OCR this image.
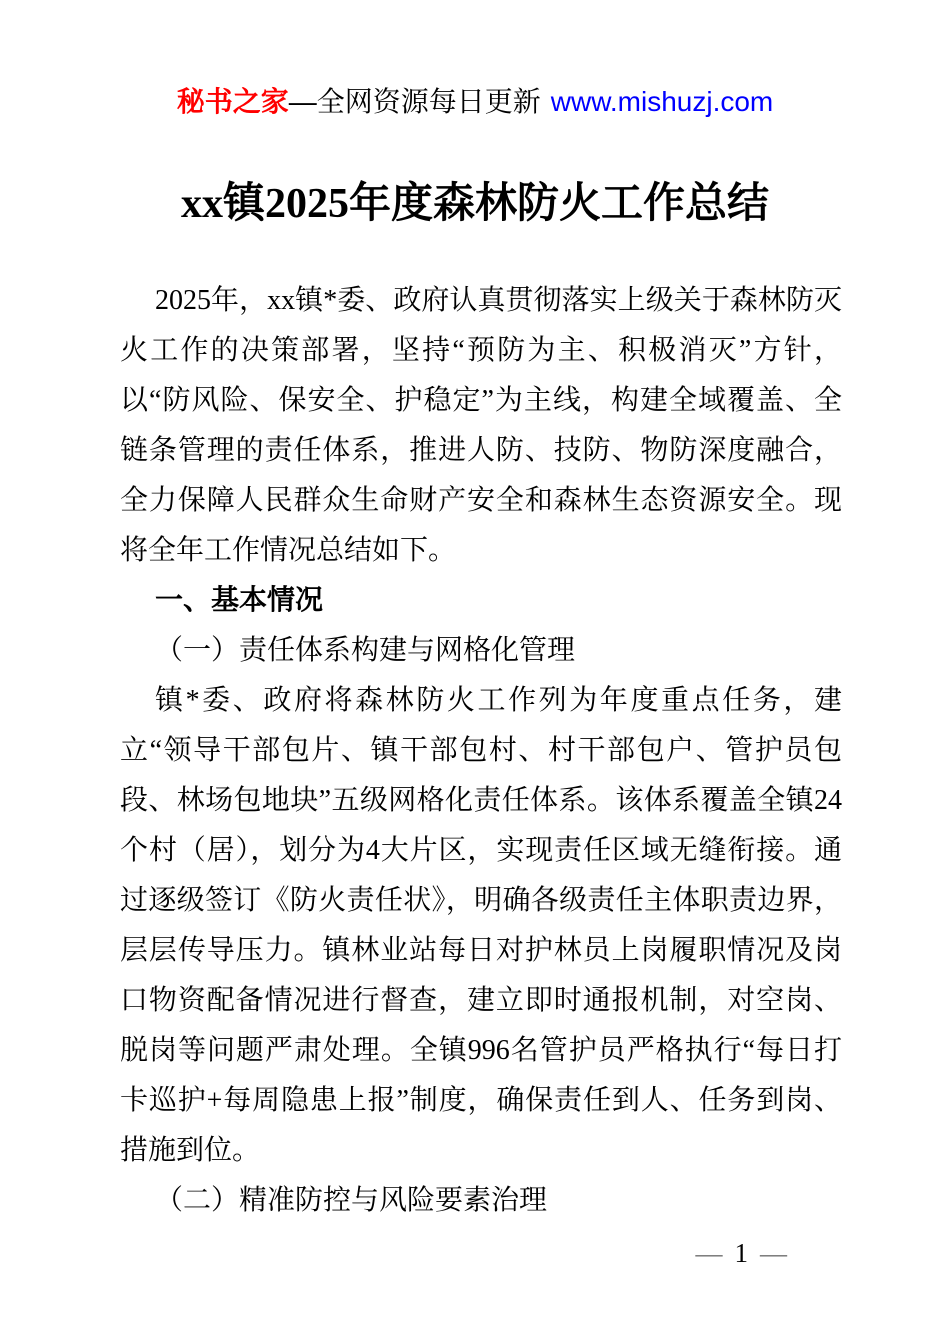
秘书之家—全网资源每日更新 www.mishuzj.com
xx镇2025年度森林防火工作总结

2025年，xx镇*委、政府认真贯彻落实上级关于森林防灭火工作的决策部署，坚持“预防为主、积极消灭”方针，以“防风险、保安全、护稳定”为主线，构建全域覆盖、全链条管理的责任体系，推进人防、技防、物防深度融合，全力保障人民群众生命财产安全和森林生态资源安全。现将全年工作情况总结如下。

一、基本情况

（一）责任体系构建与网格化管理

镇*委、政府将森林防火工作列为年度重点任务，建立“领导干部包片、镇干部包村、村干部包户、管护员包段、林场包地块”五级网格化责任体系。该体系覆盖全镇24个村（居），划分为4大片区，实现责任区域无缝衔接。通过逐级签订《防火责任状》，明确各级责任主体职责边界，层层传导压力。镇林业站每日对护林员上岗履职情况及岗口物资配备情况进行督查，建立即时通报机制，对空岗、脱岗等问题严肃处理。全镇996名管护员严格执行“每日打卡巡护+每周隐患上报”制度，确保责任到人、任务到岗、措施到位。

（二）精准防控与风险要素治理

— 1 —
